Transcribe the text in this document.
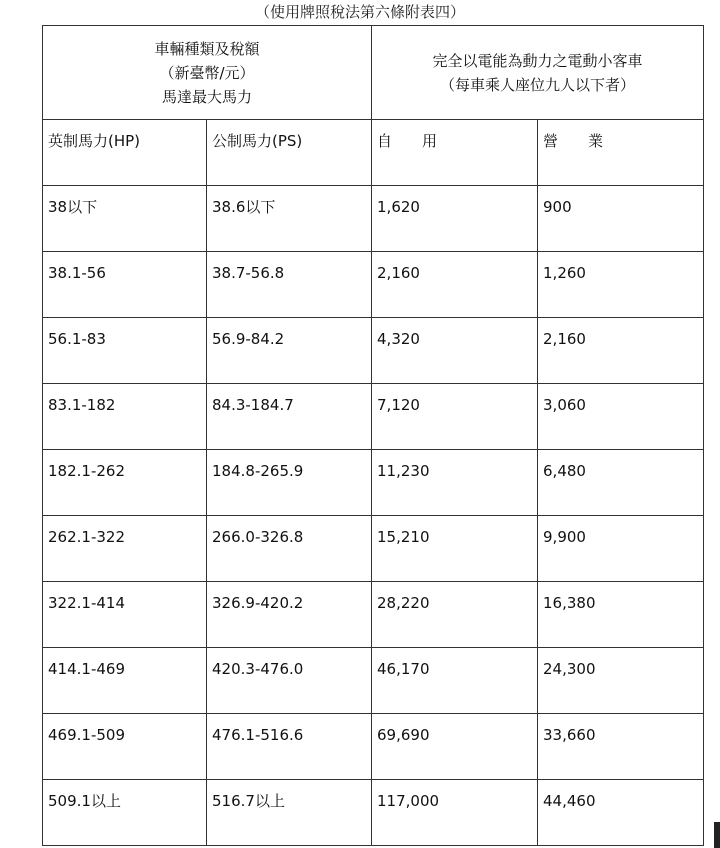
（使用牌照稅法第六條附表四）
車輛種類及稅額
（新臺幣/元）
馬達最大馬力		完全以電能為動力之電動小客車
（每車乘人座位九人以下者）	

英制馬力(HP)	公制馬力(PS)	自 用	營 業

38以下	38.6以下	1,620	900

38.1-56	38.7-56.8	2,160	1,260

56.1-83	56.9-84.2	4,320	2,160

83.1-182	84.3-184.7	7,120	3,060

182.1-262	184.8-265.9	11,230	6,480

262.1-322	266.0-326.8	15,210	9,900

322.1-414	326.9-420.2	28,220	16,380

414.1-469	420.3-476.0	46,170	24,300

469.1-509	476.1-516.6	69,690	33,660

509.1以上	516.7以上	117,000	44,460
